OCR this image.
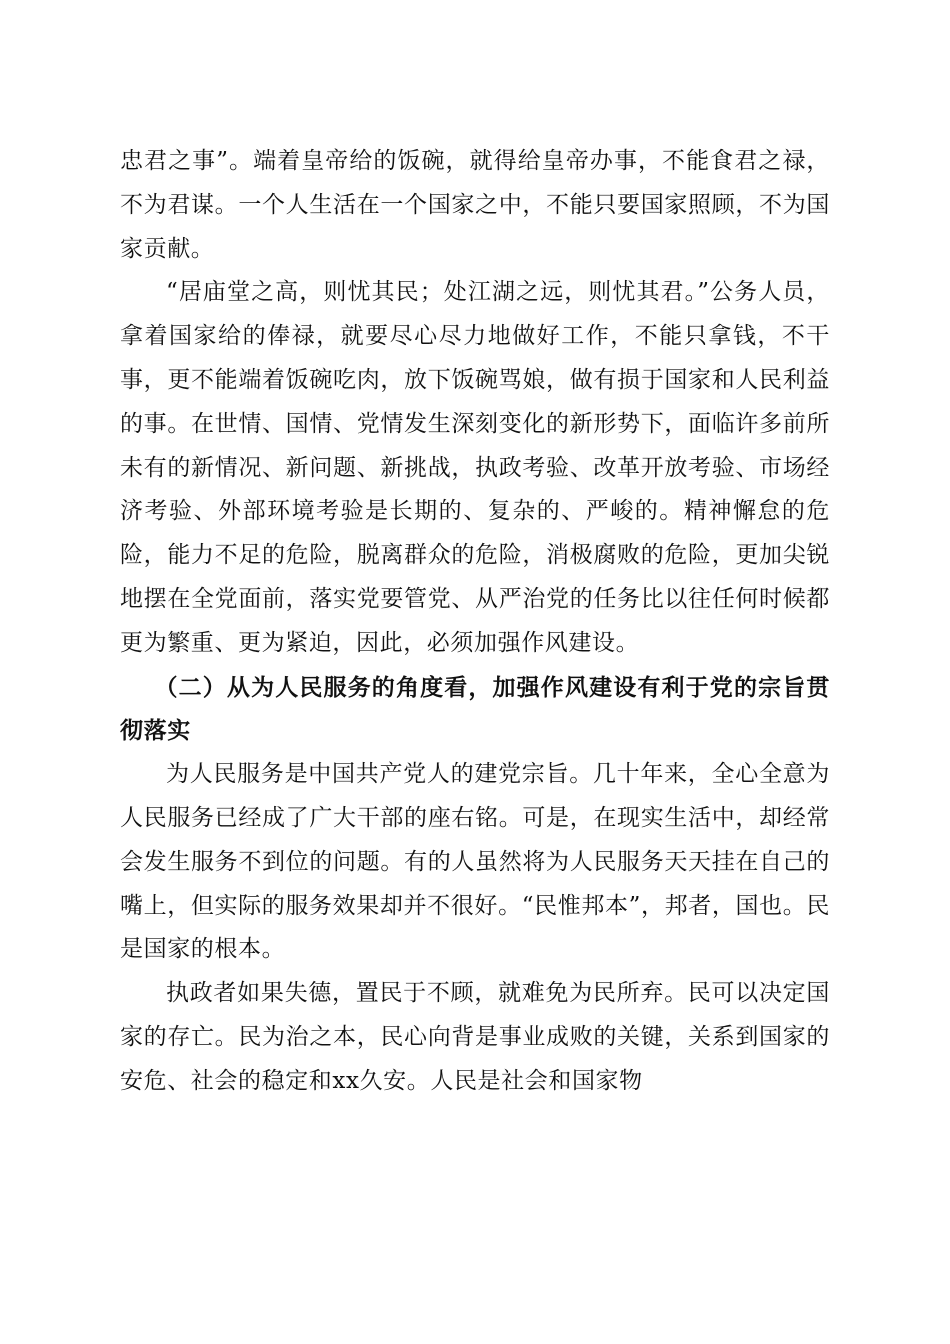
忠君之事”。端着皇帝给的饭碗，就得给皇帝办事，不能食君之禄，不为君谋。一个人生活在一个国家之中，不能只要国家照顾，不为国家贡献。

“居庙堂之高，则忧其民；处江湖之远，则忧其君。”公务人员，拿着国家给的俸禄，就要尽心尽力地做好工作，不能只拿钱，不干事，更不能端着饭碗吃肉，放下饭碗骂娘，做有损于国家和人民利益的事。在世情、国情、党情发生深刻变化的新形势下，面临许多前所未有的新情况、新问题、新挑战，执政考验、改革开放考验、市场经济考验、外部环境考验是长期的、复杂的、严峻的。精神懈怠的危险，能力不足的危险，脱离群众的危险，消极腐败的危险，更加尖锐地摆在全党面前，落实党要管党、从严治党的任务比以往任何时候都更为繁重、更为紧迫，因此，必须加强作风建设。

（二）从为人民服务的角度看，加强作风建设有利于党的宗旨贯彻落实

为人民服务是中国共产党人的建党宗旨。几十年来，全心全意为人民服务已经成了广大干部的座右铭。可是，在现实生活中，却经常会发生服务不到位的问题。有的人虽然将为人民服务天天挂在自己的嘴上，但实际的服务效果却并不很好。“民惟邦本”，邦者，国也。民是国家的根本。

执政者如果失德，置民于不顾，就难免为民所弃。民可以决定国家的存亡。民为治之本，民心向背是事业成败的关键，关系到国家的安危、社会的稳定和xx久安。人民是社会和国家物
